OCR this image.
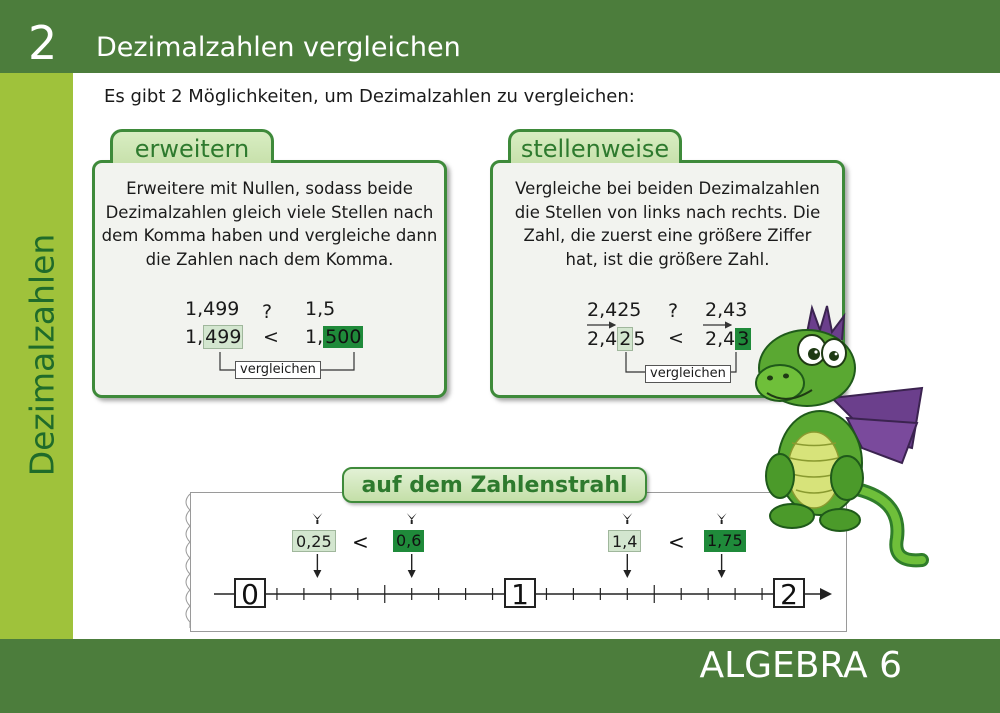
2 Dezimalzahlen vergleichen
Dezimalzahlen
ALGEBRA 6
Es gibt 2 Möglichkeiten, um Dezimalzahlen zu vergleichen:
Erweitere mit Nullen, sodass beide Dezimalzahlen gleich viele Stellen nach dem Komma haben und vergleiche dann die Zahlen nach dem Komma.
erweitern
1,499 ? 1,5
1, 499 < 1, 500
vergleichen
Vergleiche bei beiden Dezimalzahlen die Stellen von links nach rechts. Die Zahl, die zuerst eine größere Ziffer hat, ist die größere Zahl.
stellenweise
2,425 ? 2,43
2,4 2 5 < 2,4 3
vergleichen
auf dem Zahlenstrahl
0	1	2
0,25 < 0,6	1,4 < 1,75
